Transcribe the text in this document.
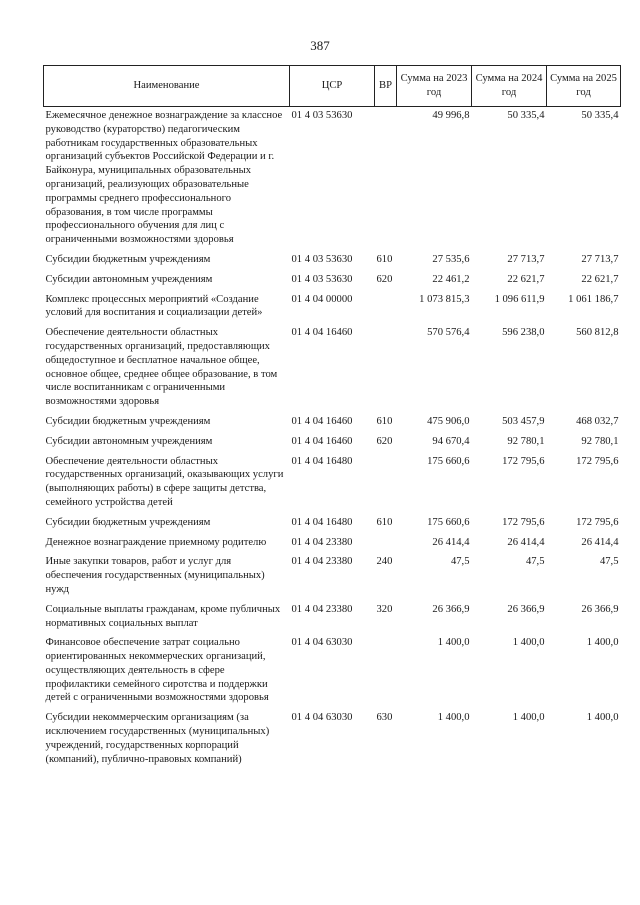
387
Наименование	ЦСР	ВР	Сумма на 2023 год	Сумма на 2024 год	Сумма на 2025 год
Ежемесячное денежное вознаграждение за классное руководство (кураторство) педагогическим работникам государственных образовательных организаций субъектов Российской Федерации и г. Байконура, муниципальных образовательных организаций, реализующих образовательные программы среднего профессионального образования, в том числе программы профессионального обучения для лиц с ограниченными возможностями здоровья	01 4 03 53630		49 996,8	50 335,4	50 335,4
Субсидии бюджетным учреждениям	01 4 03 53630	610	27 535,6	27 713,7	27 713,7
Субсидии автономным учреждениям	01 4 03 53630	620	22 461,2	22 621,7	22 621,7
Комплекс процессных мероприятий «Создание условий для воспитания и социализации детей»	01 4 04 00000		1 073 815,3	1 096 611,9	1 061 186,7
Обеспечение деятельности областных государственных организаций, предоставляющих общедоступное и бесплатное начальное общее, основное общее, среднее общее образование, в том числе воспитанникам с ограниченными возможностями здоровья	01 4 04 16460		570 576,4	596 238,0	560 812,8
Субсидии бюджетным учреждениям	01 4 04 16460	610	475 906,0	503 457,9	468 032,7
Субсидии автономным учреждениям	01 4 04 16460	620	94 670,4	92 780,1	92 780,1
Обеспечение деятельности областных государственных организаций, оказывающих услуги (выполняющих работы) в сфере защиты детства, семейного устройства детей	01 4 04 16480		175 660,6	172 795,6	172 795,6
Субсидии бюджетным учреждениям	01 4 04 16480	610	175 660,6	172 795,6	172 795,6
Денежное вознаграждение приемному родителю	01 4 04 23380		26 414,4	26 414,4	26 414,4
Иные закупки товаров, работ и услуг для обеспечения государственных (муниципальных) нужд	01 4 04 23380	240	47,5	47,5	47,5
Социальные выплаты гражданам, кроме публичных нормативных социальных выплат	01 4 04 23380	320	26 366,9	26 366,9	26 366,9
Финансовое обеспечение затрат социально ориентированных некоммерческих организаций, осуществляющих деятельность в сфере профилактики семейного сиротства и поддержки детей с ограниченными возможностями здоровья	01 4 04 63030		1 400,0	1 400,0	1 400,0
Субсидии некоммерческим организациям (за исключением государственных (муниципальных) учреждений, государственных корпораций (компаний), публично-правовых компаний)	01 4 04 63030	630	1 400,0	1 400,0	1 400,0
